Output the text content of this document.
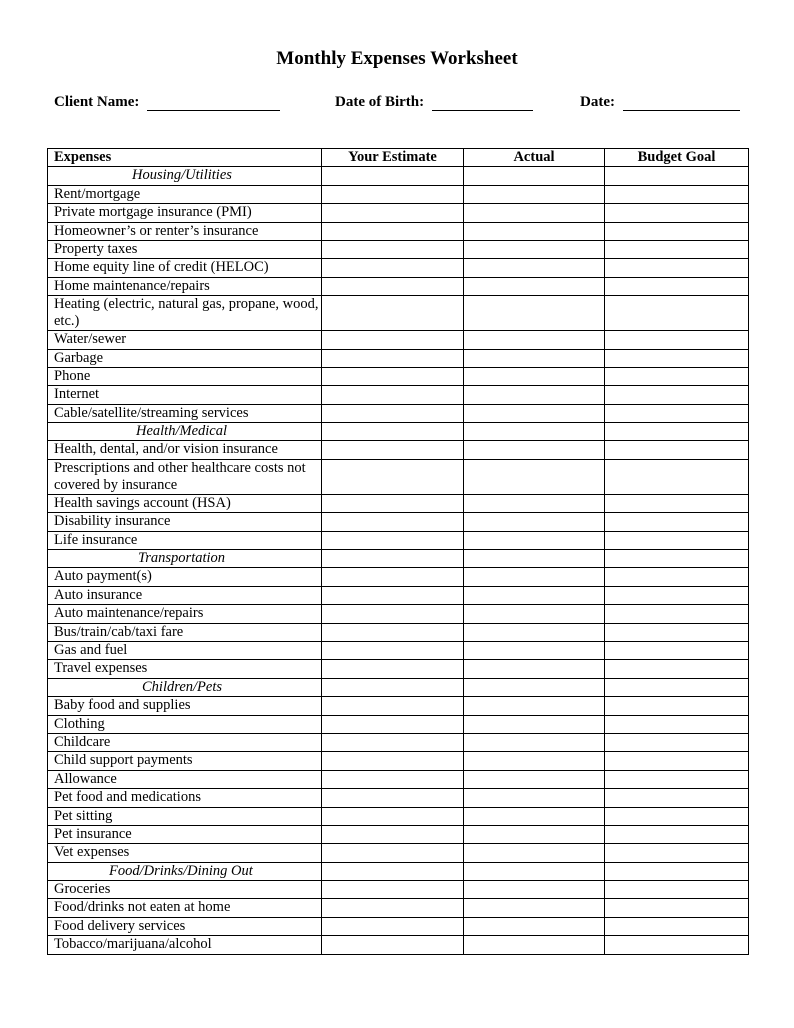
Monthly Expenses Worksheet
Client Name:	Date of Birth:	Date:
Expenses	Your Estimate	Actual	Budget Goal
Housing/Utilities			
Rent/mortgage			
Private mortgage insurance (PMI)			
Homeowner’s or renter’s insurance			
Property taxes			
Home equity line of credit (HELOC)			
Home maintenance/repairs			
Heating (electric, natural gas, propane, wood, etc.)			
Water/sewer			
Garbage			
Phone			
Internet			
Cable/satellite/streaming services			
Health/Medical			
Health, dental, and/or vision insurance			
Prescriptions and other healthcare costs not covered by insurance			
Health savings account (HSA)			
Disability insurance			
Life insurance			
Transportation			
Auto payment(s)			
Auto insurance			
Auto maintenance/repairs			
Bus/train/cab/taxi fare			
Gas and fuel			
Travel expenses			
Children/Pets			
Baby food and supplies			
Clothing			
Childcare			
Child support payments			
Allowance			
Pet food and medications			
Pet sitting			
Pet insurance			
Vet expenses			
Food/Drinks/Dining Out			
Groceries			
Food/drinks not eaten at home			
Food delivery services			
Tobacco/marijuana/alcohol			
